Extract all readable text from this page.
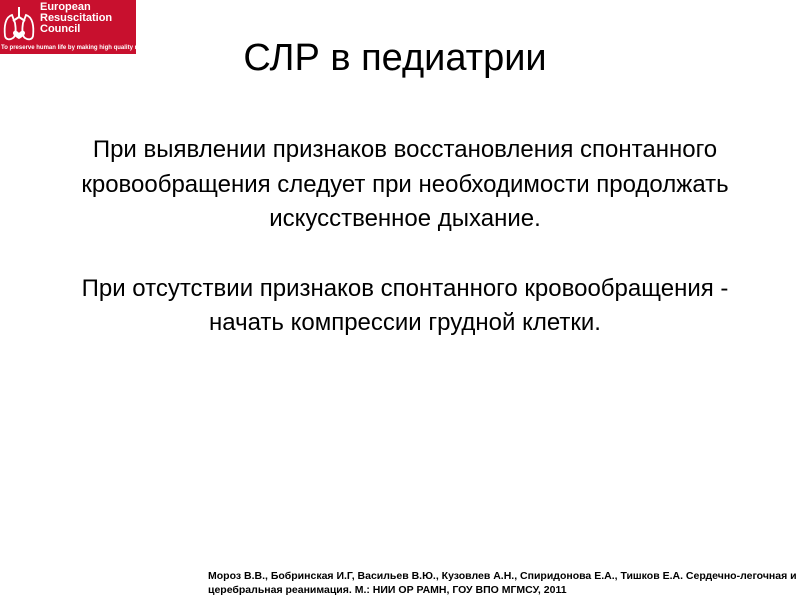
European
Resuscitation
Council
To preserve human life by making high quality resuscitation available to all СЛР в педиатрии

При выявлении признаков восстановления спонтанного кровообращения следует при необходимости продолжать искусственное дыхание.

При отсутствии признаков спонтанного кровообращения - начать компрессии грудной клетки.

Мороз В.В., Бобринская И.Г, Васильев В.Ю., Кузовлев А.Н., Спиридонова Е.А., Тишков Е.А. Сердечно-легочная и церебральная реанимация. М.: НИИ ОР РАМН, ГОУ ВПО МГМСУ, 2011
